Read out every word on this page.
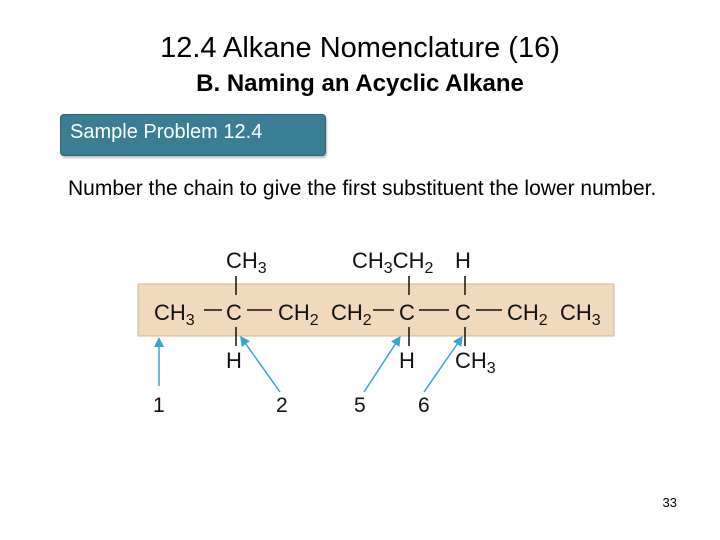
12.4 Alkane Nomenclature (16)
B. Naming an Acyclic Alkane
Sample Problem 12.4
Number the chain to give the first substituent the lower number.
$CH_3$ C $CH_2$ $CH_2$ C C $CH_2$ $CH_3$
$CH_3$	$CH_3CH_2$ H
H	H $CH_3$
1	2	5 6
33
